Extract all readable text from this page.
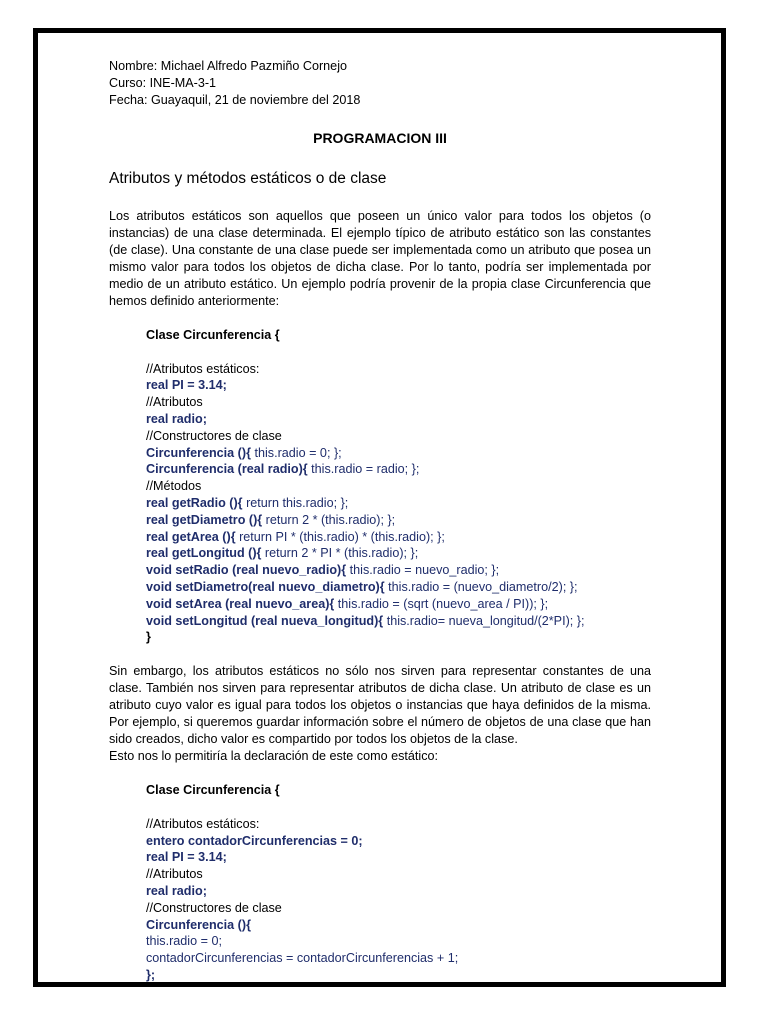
Nombre: Michael Alfredo Pazmiño Cornejo

Curso: INE-MA-3-1

Fecha: Guayaquil, 21 de noviembre del 2018

PROGRAMACION III
Atributos y métodos estáticos o de clase

Los atributos estáticos son aquellos que poseen un único valor para todos los objetos (o instancias) de una clase determinada. El ejemplo típico de atributo estático son las constantes (de clase). Una constante de una clase puede ser implementada como un atributo que posea un mismo valor para todos los objetos de dicha clase. Por lo tanto, podría ser implementada por medio de un atributo estático. Un ejemplo podría provenir de la propia clase Circunferencia que hemos definido anteriormente:

Clase Circunferencia {
//Atributos estáticos:
real PI = 3.14;
//Atributos
real radio;
//Constructores de clase
Circunferencia (){ this.radio = 0; };
Circunferencia (real radio){ this.radio = radio; };
//Métodos
real getRadio (){ return this.radio; };
real getDiametro (){ return 2 * (this.radio); };
real getArea (){ return PI * (this.radio) * (this.radio); };
real getLongitud (){ return 2 * PI * (this.radio); };
void setRadio (real nuevo_radio){ this.radio = nuevo_radio; };
void setDiametro(real nuevo_diametro){ this.radio = (nuevo_diametro/2); };
void setArea (real nuevo_area){ this.radio = (sqrt (nuevo_area / PI)); };
void setLongitud (real nueva_longitud){ this.radio= nueva_longitud/(2*PI); };
}
Sin embargo, los atributos estáticos no sólo nos sirven para representar constantes de una clase. También nos sirven para representar atributos de dicha clase. Un atributo de clase es un atributo cuyo valor es igual para todos los objetos o instancias que haya definidos de la misma. Por ejemplo, si queremos guardar información sobre el número de objetos de una clase que han sido creados, dicho valor es compartido por todos los objetos de la clase.
Esto nos lo permitiría la declaración de este como estático:
Clase Circunferencia {
//Atributos estáticos:
entero contadorCircunferencias = 0;
real PI = 3.14;
//Atributos
real radio;
//Constructores de clase
Circunferencia (){
this.radio = 0;
contadorCircunferencias = contadorCircunferencias + 1;
};
